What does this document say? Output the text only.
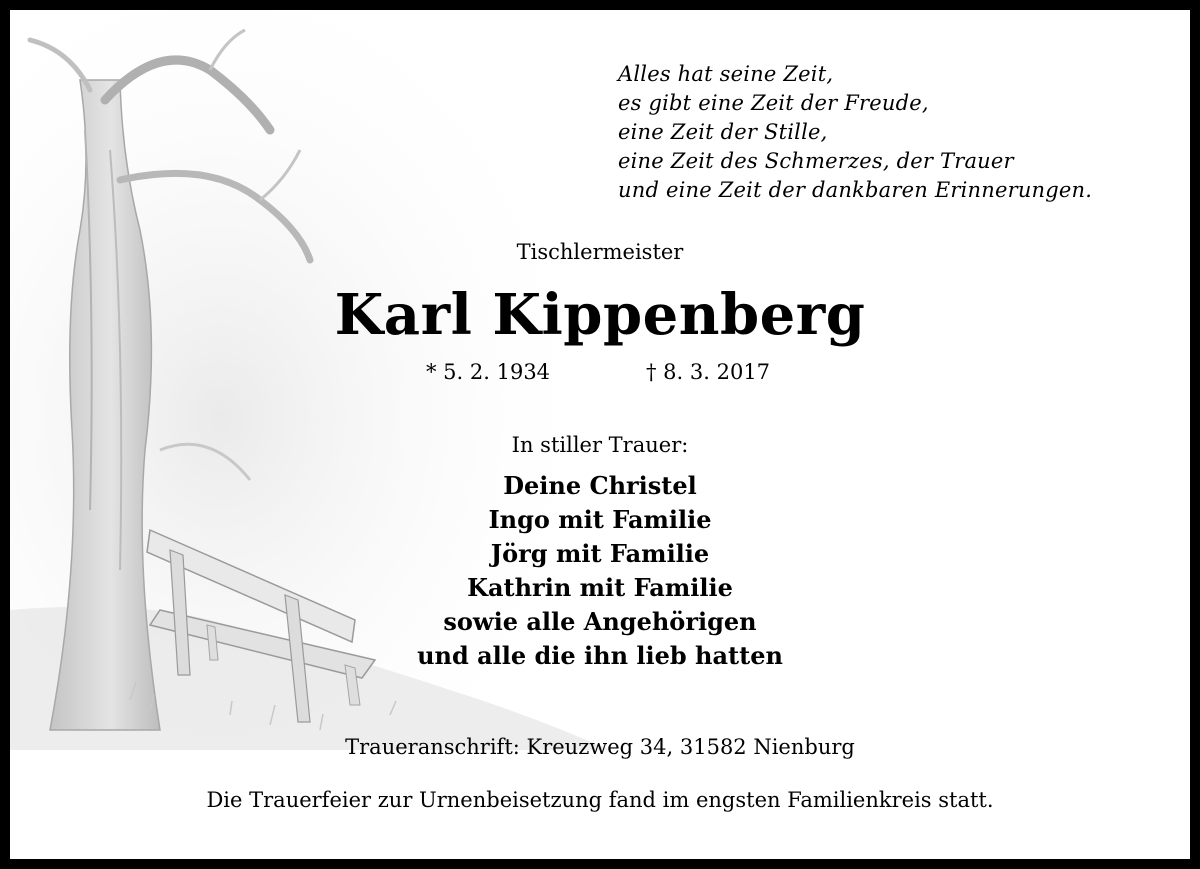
Alles hat seine Zeit,
es gibt eine Zeit der Freude,
eine Zeit der Stille,
eine Zeit des Schmerzes, der Trauer
und eine Zeit der dankbaren Erinnerungen.
Tischlermeister
Karl Kippenberg
* 5. 2. 1934	† 8. 3. 2017
In stiller Trauer:
Deine Christel
Ingo mit Familie
Jörg mit Familie
Kathrin mit Familie
sowie alle Angehörigen
und alle die ihn lieb hatten
Traueranschrift: Kreuzweg 34, 31582 Nienburg
Die Trauerfeier zur Urnenbeisetzung fand im engsten Familienkreis statt.
